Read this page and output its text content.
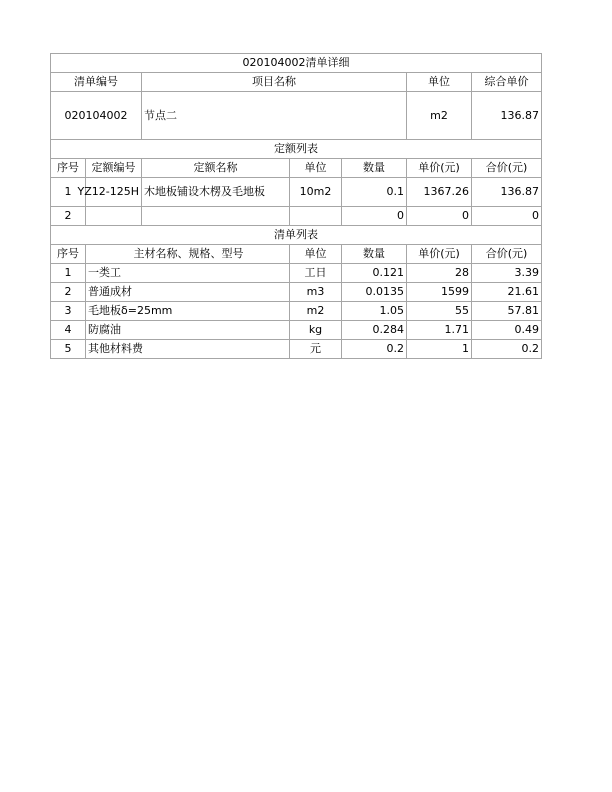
020104002清单详细						
清单编号		项目名称			单位	综合单价
020104002		节点二			m2	136.87
定额列表						
序号	定额编号	定额名称	单位	数量	单价(元)	合价(元)
1	YZ12-125H	木地板铺设木楞及毛地板	10m2	0.1	1367.26	136.87
2				0	0	0
清单列表						
序号	主材名称、规格、型号		单位	数量	单价(元)	合价(元)
1	一类工	工日	0.121	28	3.39
2	普通成材	m3	0.0135	1599	21.61
3	毛地板δ=25mm	m2	1.05	55	57.81
4	防腐油	kg	0.284	1.71	0.49
5	其他材料费	元	0.2	1	0.2
